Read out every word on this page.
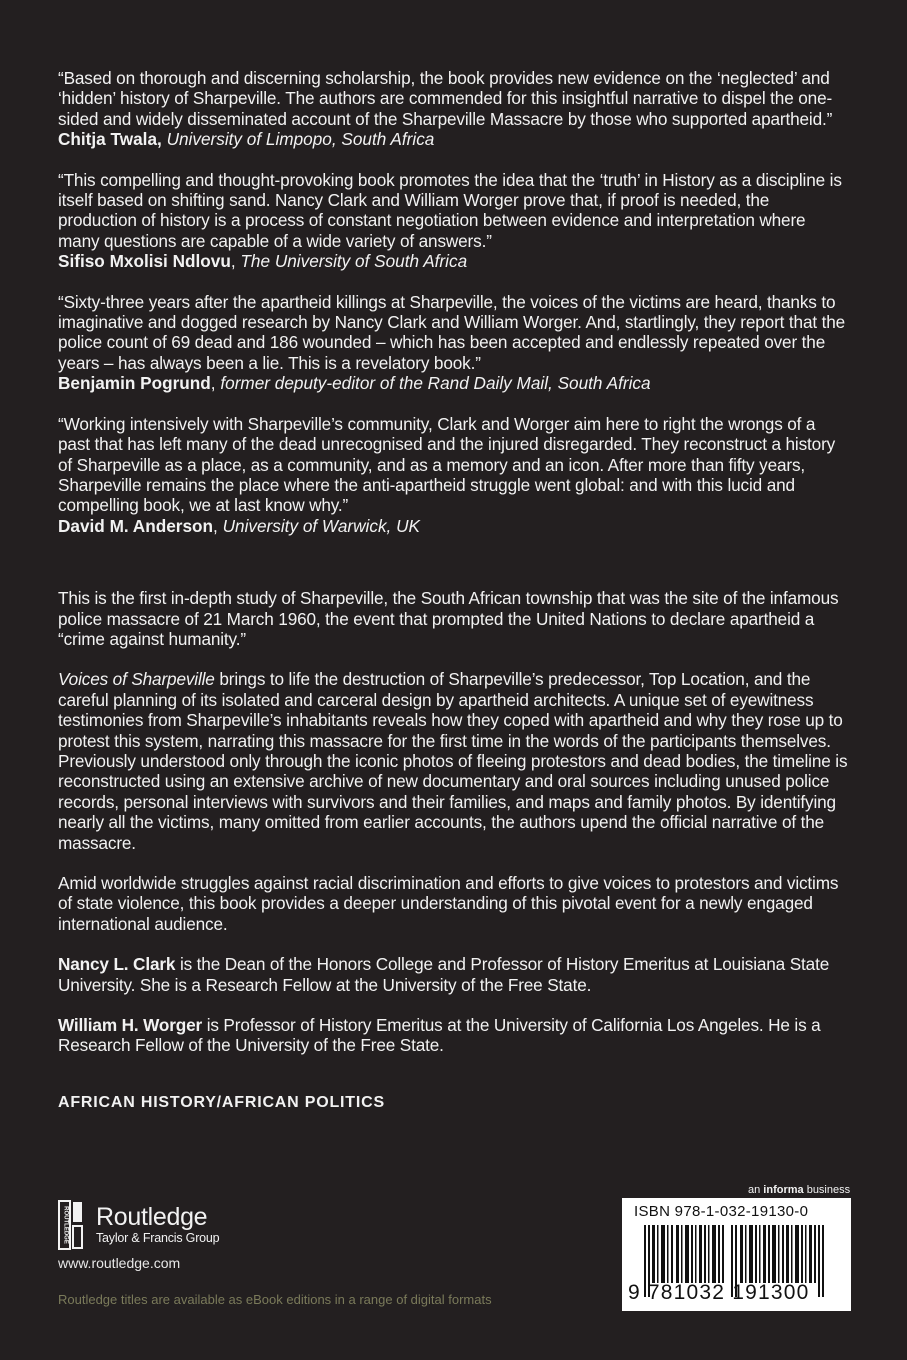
“Based on thorough and discerning scholarship, the book provides new evidence on the ‘neglected’ and ‘hidden’ history of Sharpeville. The authors are commended for this insightful narrative to dispel the one-sided and widely disseminated account of the Sharpeville Massacre by those who supported apartheid.”

Chitja Twala, University of Limpopo, South Africa

“This compelling and thought-provoking book promotes the idea that the ‘truth’ in History as a discipline is itself based on shifting sand. Nancy Clark and William Worger prove that, if proof is needed, the production of history is a process of constant negotiation between evidence and interpretation where many questions are capable of a wide variety of answers.”

Sifiso Mxolisi Ndlovu, The University of South Africa

“Sixty-three years after the apartheid killings at Sharpeville, the voices of the victims are heard, thanks to imaginative and dogged research by Nancy Clark and William Worger. And, startlingly, they report that the police count of 69 dead and 186 wounded – which has been accepted and endlessly repeated over the years – has always been a lie. This is a revelatory book.”

Benjamin Pogrund, former deputy-editor of the Rand Daily Mail, South Africa

“Working intensively with Sharpeville’s community, Clark and Worger aim here to right the wrongs of a past that has left many of the dead unrecognised and the injured disregarded. They reconstruct a history of Sharpeville as a place, as a community, and as a memory and an icon. After more than fifty years, Sharpeville remains the place where the anti-apartheid struggle went global: and with this lucid and compelling book, we at last know why.”

David M. Anderson, University of Warwick, UK

This is the first in-depth study of Sharpeville, the South African township that was the site of the infamous police massacre of 21 March 1960, the event that prompted the United Nations to declare apartheid a “crime against humanity.”

Voices of Sharpeville brings to life the destruction of Sharpeville’s predecessor, Top Location, and the careful planning of its isolated and carceral design by apartheid architects. A unique set of eyewitness testimonies from Sharpeville’s inhabitants reveals how they coped with apartheid and why they rose up to protest this system, narrating this massacre for the first time in the words of the participants themselves. Previously understood only through the iconic photos of fleeing protestors and dead bodies, the timeline is reconstructed using an extensive archive of new documentary and oral sources including unused police records, personal interviews with survivors and their families, and maps and family photos. By identifying nearly all the victims, many omitted from earlier accounts, the authors upend the official narrative of the massacre.

Amid worldwide struggles against racial discrimination and efforts to give voices to protestors and victims of state violence, this book provides a deeper understanding of this pivotal event for a newly engaged international audience.

Nancy L. Clark is the Dean of the Honors College and Professor of History Emeritus at Louisiana State University. She is a Research Fellow at the University of the Free State.

William H. Worger is Professor of History Emeritus at the University of California Los Angeles. He is a Research Fellow of the University of the Free State.

AFRICAN HISTORY/AFRICAN POLITICS
ROUTLEDGE Routledge
Taylor & Francis Group
www.routledge.com
Routledge titles are available as eBook editions in a range of digital formats
an informa business
ISBN 978-1-032-19130-0
9 781032 191300
